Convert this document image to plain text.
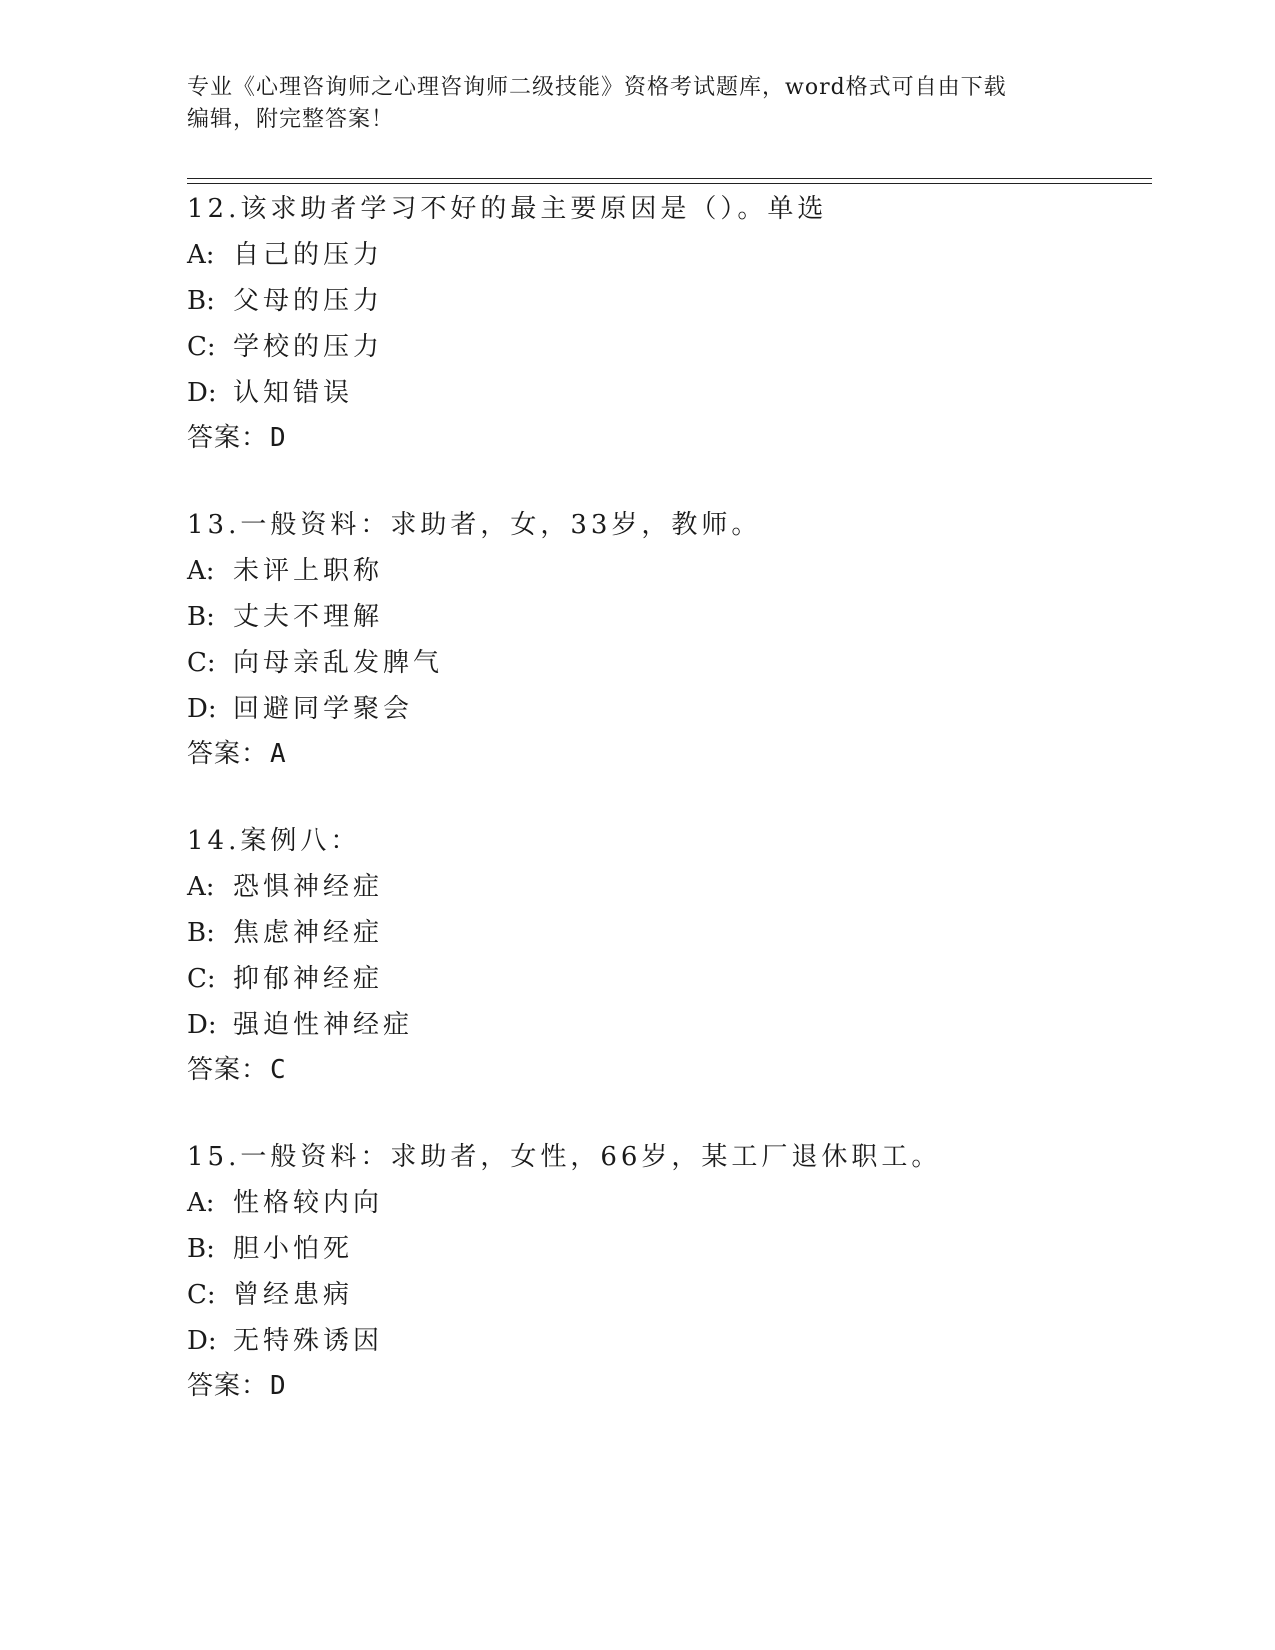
专业《心理咨询师之心理咨询师二级技能》资格考试题库，word格式可自由下载
编辑，附完整答案！
12.该求助者学习不好的最主要原因是（）。单选
A: 自己的压力
B: 父母的压力
C: 学校的压力
D: 认知错误
答案：D
13.一般资料：求助者，女，33岁，教师。
A: 未评上职称
B: 丈夫不理解
C: 向母亲乱发脾气
D: 回避同学聚会
答案：A
14.案例八：
A: 恐惧神经症
B: 焦虑神经症
C: 抑郁神经症
D: 强迫性神经症
答案：C
15.一般资料：求助者，女性，66岁，某工厂退休职工。
A: 性格较内向
B: 胆小怕死
C: 曾经患病
D: 无特殊诱因
答案：D
